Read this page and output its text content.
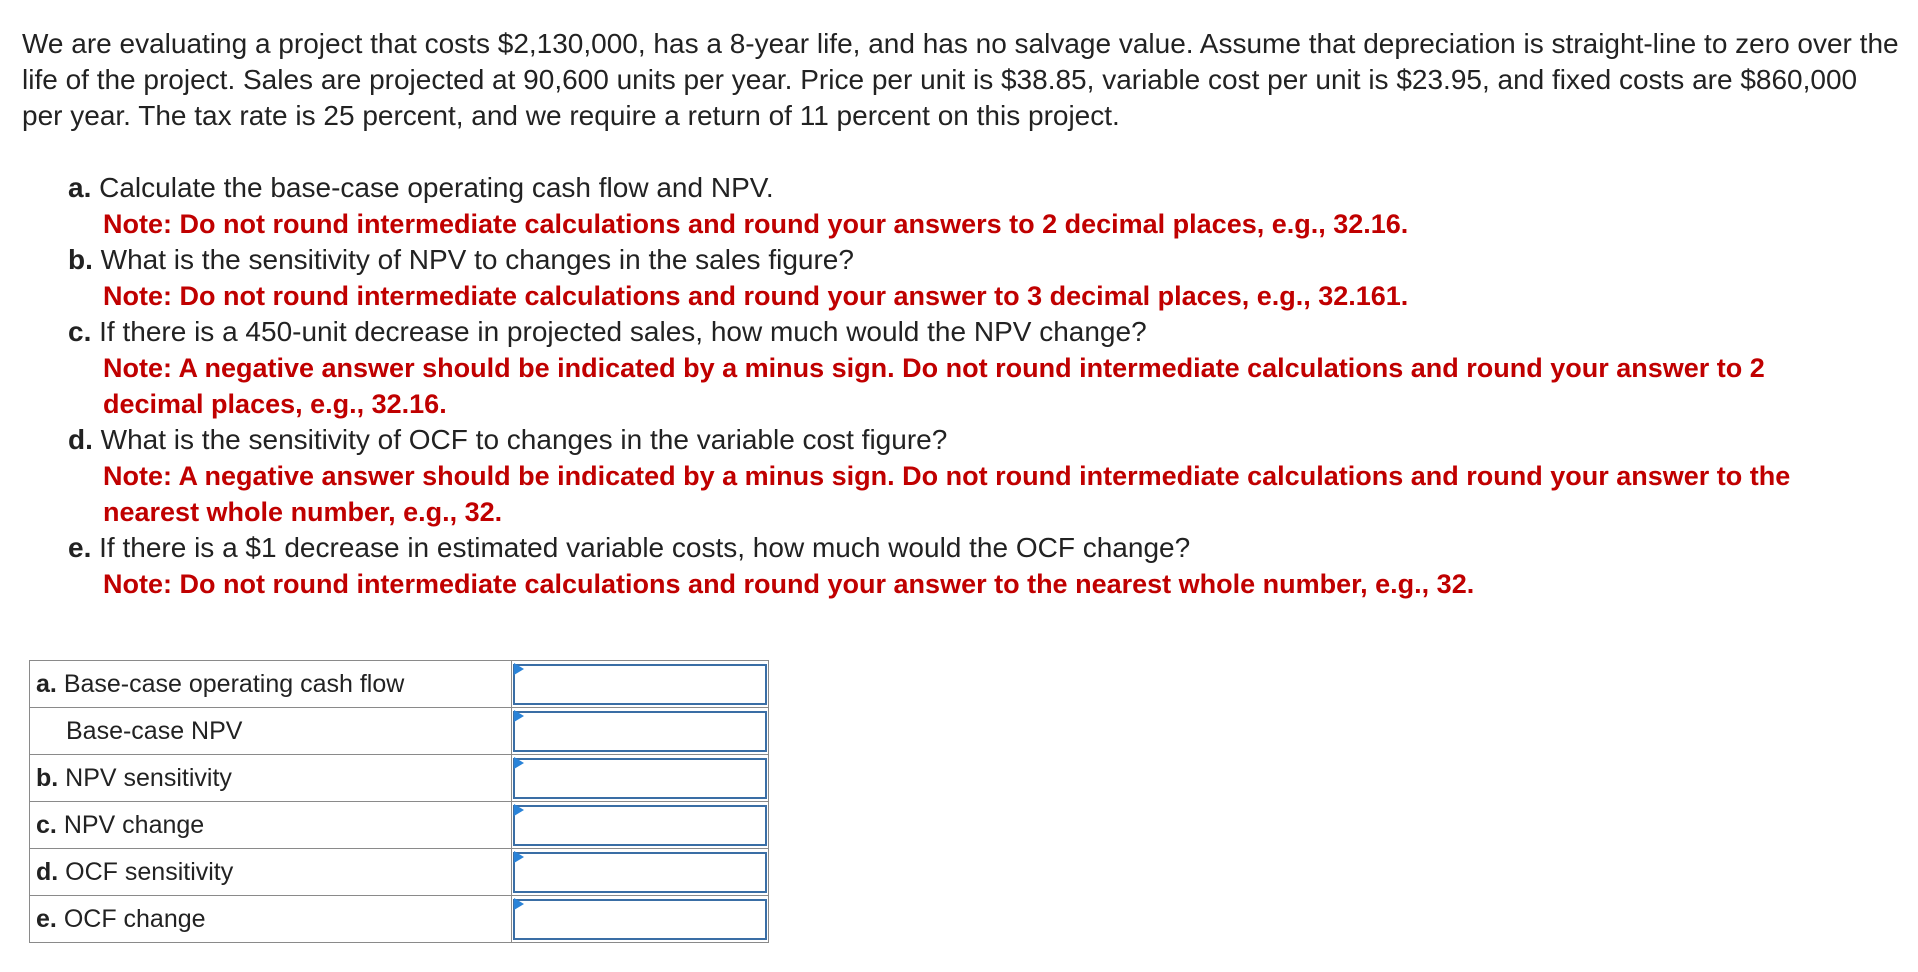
We are evaluating a project that costs $2,130,000, has a 8-year life, and has no salvage value. Assume that depreciation is straight-line to zero over the life of the project. Sales are projected at 90,600 units per year. Price per unit is $38.85, variable cost per unit is $23.95, and fixed costs are $860,000 per year. The tax rate is 25 percent, and we require a return of 11 percent on this project.

a. Calculate the base-case operating cash flow and NPV.
Note: Do not round intermediate calculations and round your answers to 2 decimal places, e.g., 32.16.
b. What is the sensitivity of NPV to changes in the sales figure?
Note: Do not round intermediate calculations and round your answer to 3 decimal places, e.g., 32.161.
c. If there is a 450-unit decrease in projected sales, how much would the NPV change?
Note: A negative answer should be indicated by a minus sign. Do not round intermediate calculations and round your answer to 2 decimal places, e.g., 32.16.
d. What is the sensitivity of OCF to changes in the variable cost figure?
Note: A negative answer should be indicated by a minus sign. Do not round intermediate calculations and round your answer to the nearest whole number, e.g., 32.
e. If there is a $1 decrease in estimated variable costs, how much would the OCF change?
Note: Do not round intermediate calculations and round your answer to the nearest whole number, e.g., 32.
a. Base-case operating cash flow	

Base-case NPV	

b. NPV sensitivity	

c. NPV change	

d. OCF sensitivity	

e. OCF change	
